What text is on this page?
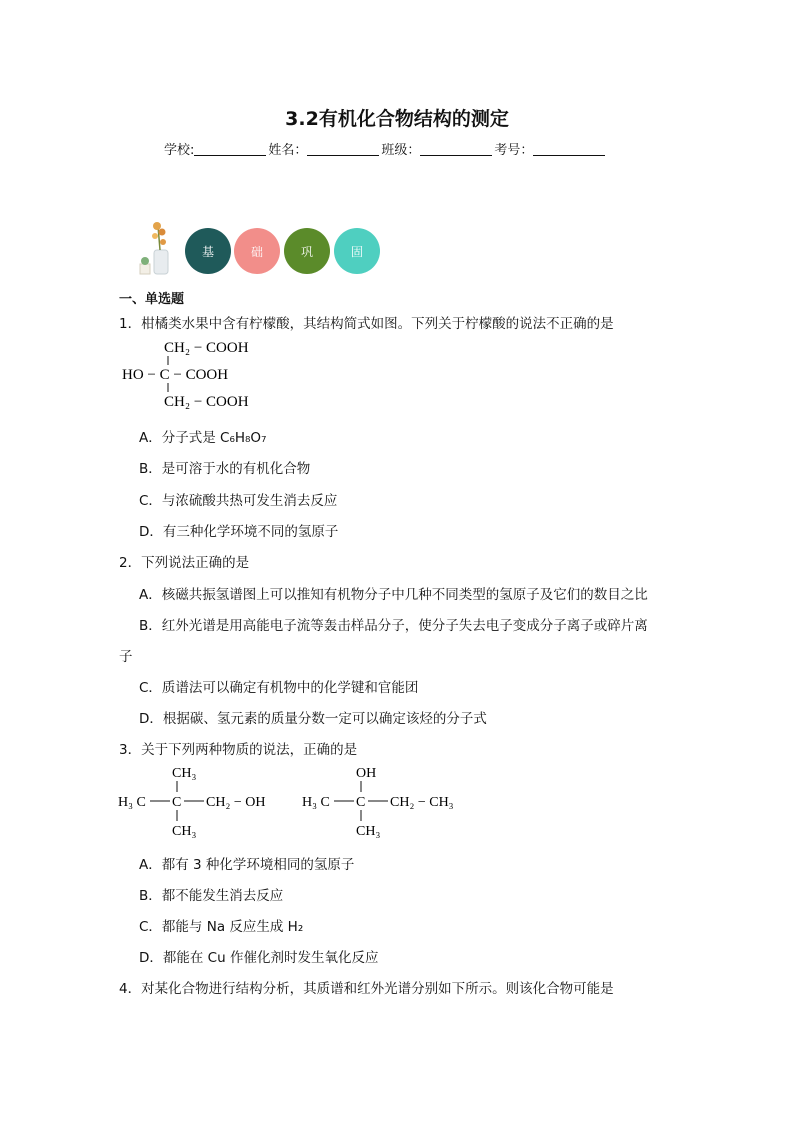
3.2有机化合物结构的测定
学校:	姓名：	班级：	考号：
基	础	巩	固
一、单选题
1．柑橘类水果中含有柠檬酸，其结构简式如图。下列关于柠檬酸的说法不正确的是
CH₂ − COOH
HO − C − COOH
CH₂ − COOH
A．分子式是 C₆H₈O₇
B．是可溶于水的有机化合物
C．与浓硫酸共热可发生消去反应
D．有三种化学环境不同的氢原子
2．下列说法正确的是
A．核磁共振氢谱图上可以推知有机物分子中几种不同类型的氢原子及它们的数目之比
B．红外光谱是用高能电子流等轰击样品分子，使分子失去电子变成分子离子或碎片离
子
C．质谱法可以确定有机物中的化学键和官能团
D．根据碳、氢元素的质量分数一定可以确定该烃的分子式
3．关于下列两种物质的说法，正确的是
CH₃
H₃ C C CH₂ − OH
CH₃
OH
H₃ C C CH₂ − CH₃
CH₃
A．都有 3 种化学环境相同的氢原子
B．都不能发生消去反应
C．都能与 Na 反应生成 H₂
D．都能在 Cu 作催化剂时发生氧化反应
4．对某化合物进行结构分析，其质谱和红外光谱分别如下所示。则该化合物可能是
